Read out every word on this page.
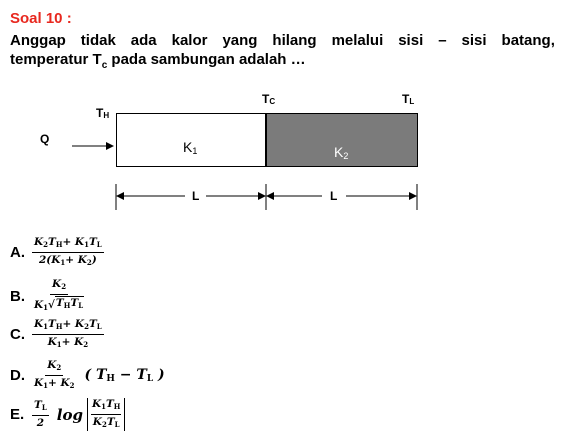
Soal 10 :
Anggap tidak ada kalor yang hilang melalui sisi – sisi batang,
temperatur $T_c$ pada sambungan adalah …
$T_H$
$T_C$	$T_L$
Q	$K_1$	$K_2$
L	L
A. $\frac{K_2T_H+ K_1T_L}{2(K_1+ K_2)}$
B. $\frac{K_2}{K_1√ T_HT_L}$
C. $\frac{K_1T_H+ K_2T_L}{K_1+ K_2}$
D. $\frac{K_2}{K_1+ K_2}$ ( $T_H - T_L$ )
E. $\frac{T_L}{2}$ $\log \frac{K_1T_H}{K_2T_L}$
